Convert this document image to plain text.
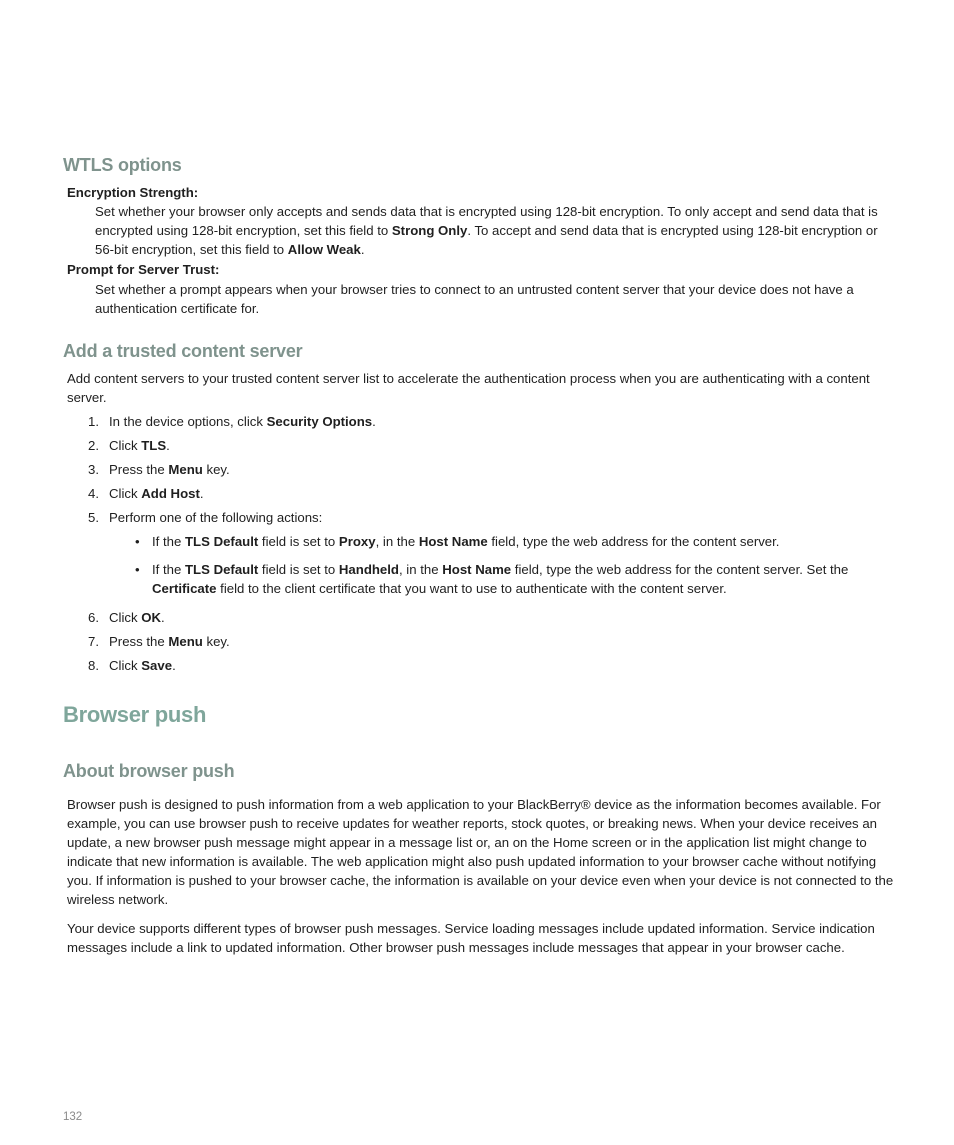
WTLS options
Encryption Strength:
Set whether your browser only accepts and sends data that is encrypted using 128-bit encryption. To only accept and send data that is encrypted using 128-bit encryption, set this field to Strong Only. To accept and send data that is encrypted using 128-bit encryption or 56-bit encryption, set this field to Allow Weak.
Prompt for Server Trust:
Set whether a prompt appears when your browser tries to connect to an untrusted content server that your device does not have a authentication certificate for.
Add a trusted content server
Add content servers to your trusted content server list to accelerate the authentication process when you are authenticating with a content server.
1. In the device options, click Security Options.
2. Click TLS.
3. Press the Menu key.
4. Click Add Host.
5. Perform one of the following actions:
• If the TLS Default field is set to Proxy, in the Host Name field, type the web address for the content server.
• If the TLS Default field is set to Handheld, in the Host Name field, type the web address for the content server. Set the Certificate field to the client certificate that you want to use to authenticate with the content server.
6. Click OK.
7. Press the Menu key.
8. Click Save.
Browser push
About browser push
Browser push is designed to push information from a web application to your BlackBerry® device as the information becomes available. For example, you can use browser push to receive updates for weather reports, stock quotes, or breaking news. When your device receives an update, a new browser push message might appear in a message list or, an on the Home screen or in the application list might change to indicate that new information is available. The web application might also push updated information to your browser cache without notifying you. If information is pushed to your browser cache, the information is available on your device even when your device is not connected to the wireless network.
Your device supports different types of browser push messages. Service loading messages include updated information. Service indication messages include a link to updated information. Other browser push messages include messages that appear in your browser cache.
132
